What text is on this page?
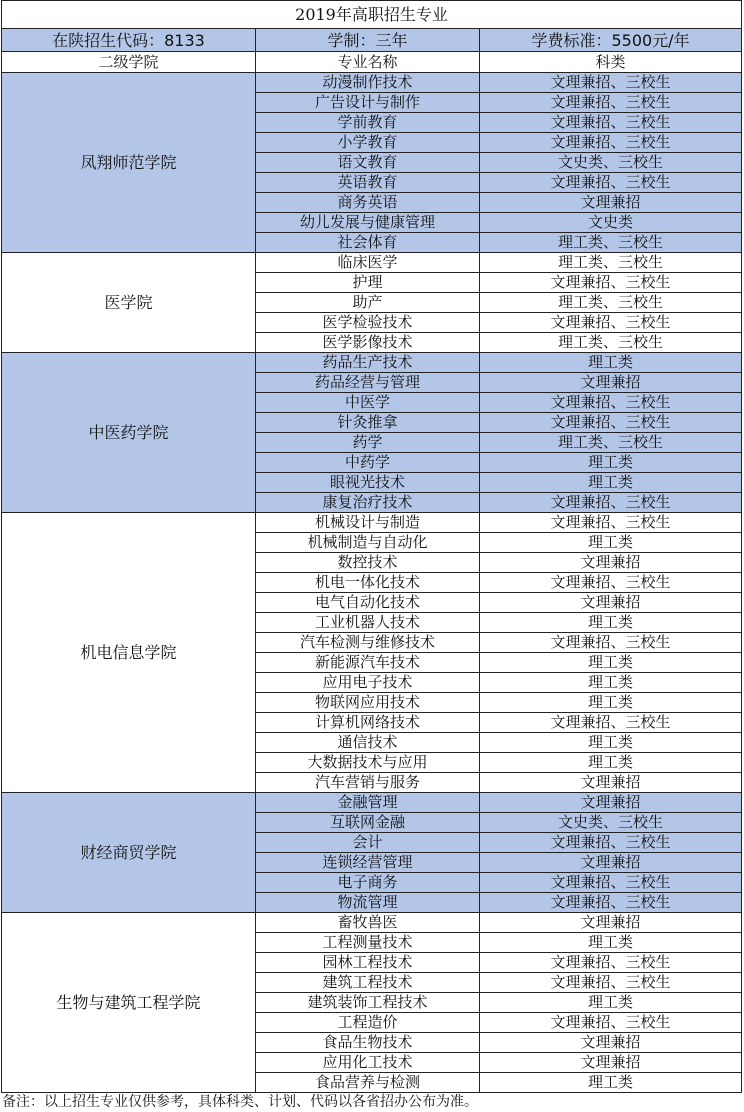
2019年高职招生专业		
在陕招生代码：8133	学制：三年	学费标准：5500元/年
二级学院	专业名称	科类
凤翔师范学院	动漫制作技术	文理兼招、三校生
	广告设计与制作	文理兼招、三校生
	学前教育	文理兼招、三校生
	小学教育	文理兼招、三校生
	语文教育	文史类、三校生
	英语教育	文理兼招、三校生
	商务英语	文理兼招
	幼儿发展与健康管理	文史类
	社会体育	理工类、三校生
医学院	临床医学	理工类、三校生
	护理	文理兼招、三校生
	助产	理工类、三校生
	医学检验技术	文理兼招、三校生
	医学影像技术	理工类、三校生
中医药学院	药品生产技术	理工类
	药品经营与管理	文理兼招
	中医学	文理兼招、三校生
	针灸推拿	文理兼招、三校生
	药学	理工类、三校生
	中药学	理工类
	眼视光技术	理工类
	康复治疗技术	文理兼招、三校生
机电信息学院	机械设计与制造	文理兼招、三校生
	机械制造与自动化	理工类
	数控技术	文理兼招
	机电一体化技术	文理兼招、三校生
	电气自动化技术	文理兼招
	工业机器人技术	理工类
	汽车检测与维修技术	文理兼招、三校生
	新能源汽车技术	理工类
	应用电子技术	理工类
	物联网应用技术	理工类
	计算机网络技术	文理兼招、三校生
	通信技术	理工类
	大数据技术与应用	理工类
	汽车营销与服务	文理兼招
财经商贸学院	金融管理	文理兼招
	互联网金融	文史类、三校生
	会计	文理兼招、三校生
	连锁经营管理	文理兼招
	电子商务	文理兼招、三校生
	物流管理	文理兼招、三校生
生物与建筑工程学院	畜牧兽医	文理兼招
	工程测量技术	理工类
	园林工程技术	文理兼招、三校生
	建筑工程技术	文理兼招、三校生
	建筑装饰工程技术	理工类
	工程造价	文理兼招、三校生
	食品生物技术	文理兼招
	应用化工技术	文理兼招
	食品营养与检测	理工类
备注：以上招生专业仅供参考，具体科类、计划、代码以各省招办公布为准。
